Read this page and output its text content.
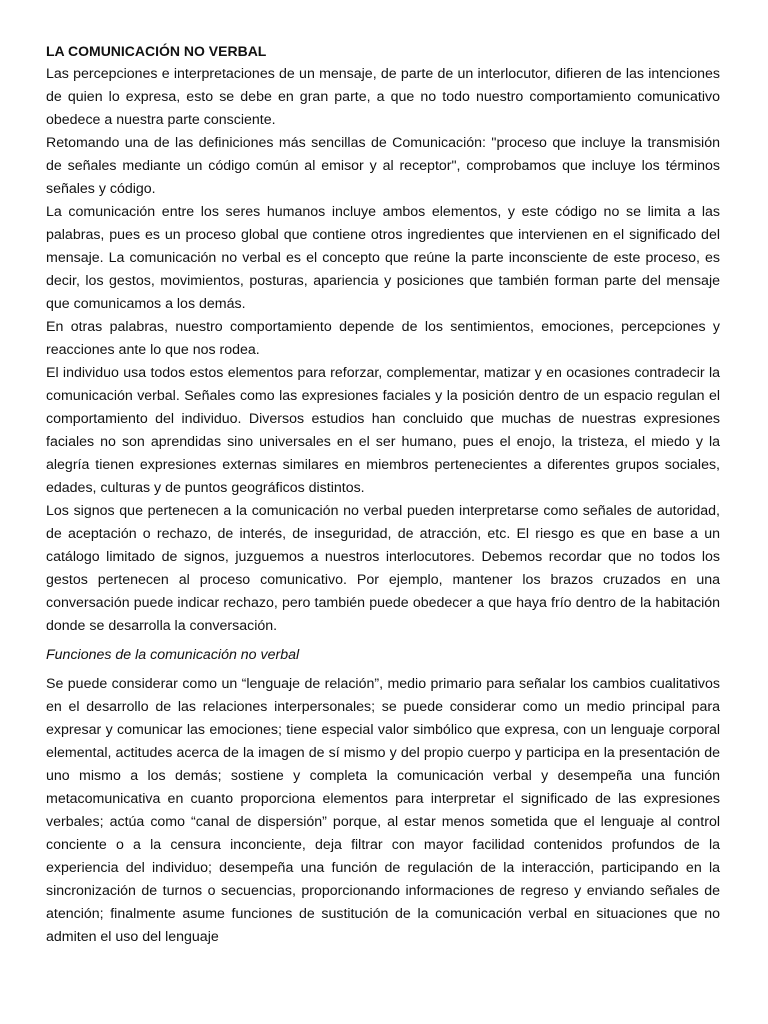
LA COMUNICACIÓN NO VERBAL

Las percepciones e interpretaciones de un mensaje, de parte de un interlocutor, difieren de las intenciones de quien lo expresa, esto se debe en gran parte, a que no todo nuestro comportamiento comunicativo obedece a nuestra parte consciente.

Retomando una de las definiciones más sencillas de Comunicación: "proceso que incluye la transmisión de señales mediante un código común al emisor y al receptor", comprobamos que incluye los términos señales y código.

La comunicación entre los seres humanos incluye ambos elementos, y este código no se limita a las palabras, pues es un proceso global que contiene otros ingredientes que intervienen en el significado del mensaje. La comunicación no verbal es el concepto que reúne la parte inconsciente de este proceso, es decir, los gestos, movimientos, posturas, apariencia y posiciones que también forman parte del mensaje que comunicamos a los demás.

En otras palabras, nuestro comportamiento depende de los sentimientos, emociones, percepciones y reacciones ante lo que nos rodea.

El individuo usa todos estos elementos para reforzar, complementar, matizar y en ocasiones contradecir la comunicación verbal. Señales como las expresiones faciales y la posición dentro de un espacio regulan el comportamiento del individuo. Diversos estudios han concluido que muchas de nuestras expresiones faciales no son aprendidas sino universales en el ser humano, pues el enojo, la tristeza, el miedo y la alegría tienen expresiones externas similares en miembros pertenecientes a diferentes grupos sociales, edades, culturas y de puntos geográficos distintos.

Los signos que pertenecen a la comunicación no verbal pueden interpretarse como señales de autoridad, de aceptación o rechazo, de interés, de inseguridad, de atracción, etc. El riesgo es que en base a un catálogo limitado de signos, juzguemos a nuestros interlocutores. Debemos recordar que no todos los gestos pertenecen al proceso comunicativo. Por ejemplo, mantener los brazos cruzados en una conversación puede indicar rechazo, pero también puede obedecer a que haya frío dentro de la habitación donde se desarrolla la conversación.

Funciones de la comunicación no verbal

Se puede considerar como un “lenguaje de relación”, medio primario para señalar los cambios cualitativos en el desarrollo de las relaciones interpersonales; se puede considerar como un medio principal para expresar y comunicar las emociones; tiene especial valor simbólico que expresa, con un lenguaje corporal elemental, actitudes acerca de la imagen de sí mismo y del propio cuerpo y participa en la presentación de uno mismo a los demás; sostiene y completa la comunicación verbal y desempeña una función metacomunicativa en cuanto proporciona elementos para interpretar el significado de las expresiones verbales; actúa como “canal de dispersión” porque, al estar menos sometida que el lenguaje al control conciente o a la censura inconciente, deja filtrar con mayor facilidad contenidos profundos de la experiencia del individuo; desempeña una función de regulación de la interacción, participando en la sincronización de turnos o secuencias, proporcionando informaciones de regreso y enviando señales de atención; finalmente asume funciones de sustitución de la comunicación verbal en situaciones que no admiten el uso del lenguaje
